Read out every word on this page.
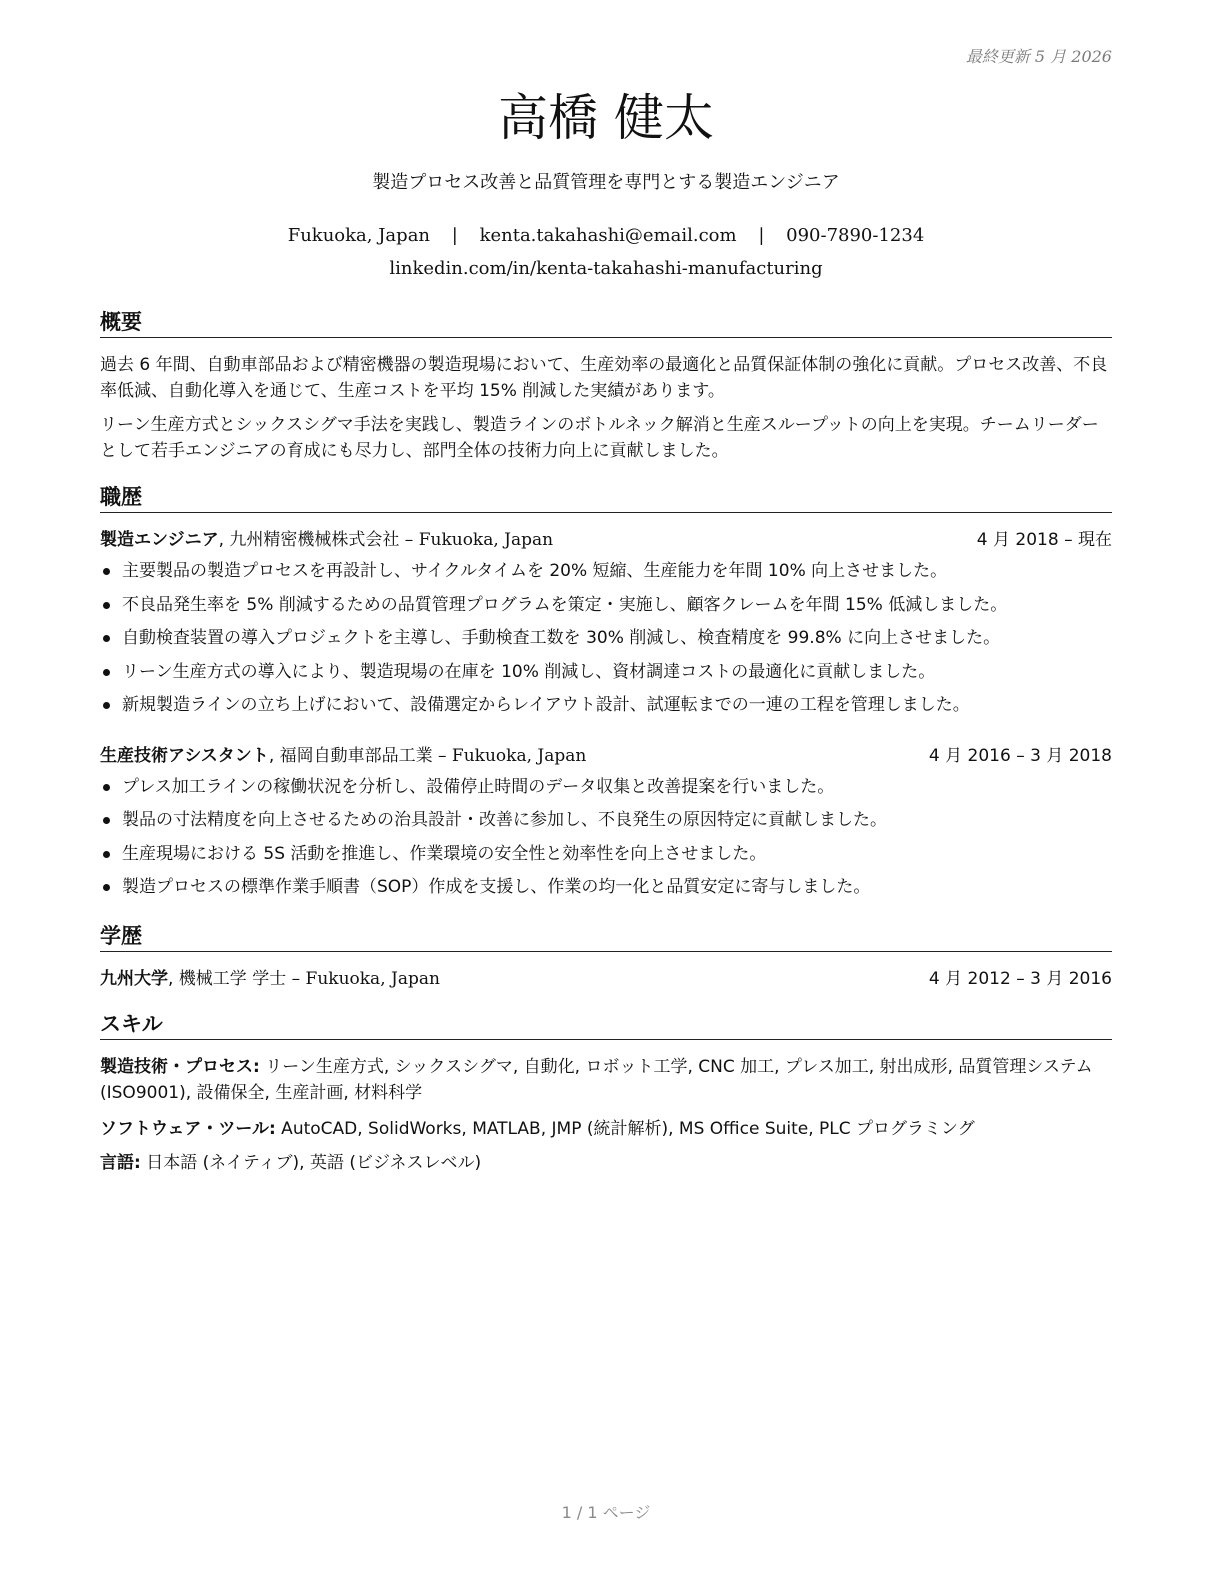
最終更新 5 月 2026
高橋 健太
製造プロセス改善と品質管理を専門とする製造エンジニア
Fukuoka, Japan | kenta.takahashi@email.com | 090-7890-1234
linkedin.com/in/kenta-takahashi-manufacturing
概要

過去 6 年間、自動車部品および精密機器の製造現場において、生産効率の最適化と品質保証体制の強化に貢献。プロセス改善、不良率低減、自動化導入を通じて、生産コストを平均 15% 削減した実績があります。

リーン生産方式とシックスシグマ手法を実践し、製造ラインのボトルネック解消と生産スループットの向上を実現。チームリーダーとして若手エンジニアの育成にも尽力し、部門全体の技術力向上に貢献しました。

職歴
製造エンジニア, 九州精密機械株式会社 – Fukuoka, Japan	4 月 2018 – 現在
主要製品の製造プロセスを再設計し、サイクルタイムを 20% 短縮、生産能力を年間 10% 向上させました。
不良品発生率を 5% 削減するための品質管理プログラムを策定・実施し、顧客クレームを年間 15% 低減しました。
自動検査装置の導入プロジェクトを主導し、手動検査工数を 30% 削減し、検査精度を 99.8% に向上させました。
リーン生産方式の導入により、製造現場の在庫を 10% 削減し、資材調達コストの最適化に貢献しました。
新規製造ラインの立ち上げにおいて、設備選定からレイアウト設計、試運転までの一連の工程を管理しました。
生産技術アシスタント, 福岡自動車部品工業 – Fukuoka, Japan	4 月 2016 – 3 月 2018
プレス加工ラインの稼働状況を分析し、設備停止時間のデータ収集と改善提案を行いました。
製品の寸法精度を向上させるための治具設計・改善に参加し、不良発生の原因特定に貢献しました。
生産現場における 5S 活動を推進し、作業環境の安全性と効率性を向上させました。
製造プロセスの標準作業手順書（SOP）作成を支援し、作業の均一化と品質安定に寄与しました。
学歴
九州大学, 機械工学 学士 – Fukuoka, Japan	4 月 2012 – 3 月 2016
スキル

製造技術・プロセス: リーン生産方式, シックスシグマ, 自動化, ロボット工学, CNC 加工, プレス加工, 射出成形, 品質管理システム (ISO9001), 設備保全, 生産計画, 材料科学

ソフトウェア・ツール: AutoCAD, SolidWorks, MATLAB, JMP (統計解析), MS Office Suite, PLC プログラミング

言語: 日本語 (ネイティブ), 英語 (ビジネスレベル)

1 / 1 ページ
